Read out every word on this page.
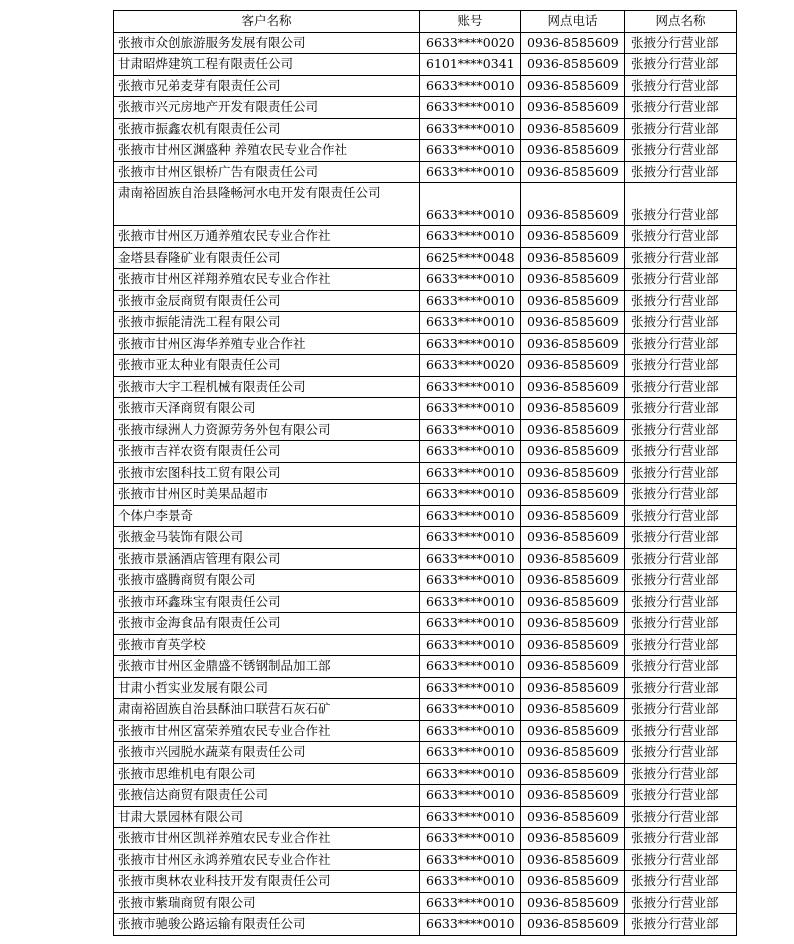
客户名称	账号	网点电话	网点名称
张掖市众创旅游服务发展有限公司	6633****0020	0936-8585609	张掖分行营业部
甘肃昭烨建筑工程有限责任公司	6101****0341	0936-8585609	张掖分行营业部
张掖市兄弟麦芽有限责任公司	6633****0010	0936-8585609	张掖分行营业部
张掖市兴元房地产开发有限责任公司	6633****0010	0936-8585609	张掖分行营业部
张掖市振鑫农机有限责任公司	6633****0010	0936-8585609	张掖分行营业部
张掖市甘州区渊盛种 养殖农民专业合作社	6633****0010	0936-8585609	张掖分行营业部
张掖市甘州区银桥广告有限责任公司	6633****0010	0936-8585609	张掖分行营业部
肃南裕固族自治县隆畅河水电开发有限责任公司	6633****0010	0936-8585609	张掖分行营业部
张掖市甘州区万通养殖农民专业合作社	6633****0010	0936-8585609	张掖分行营业部
金塔县春隆矿业有限责任公司	6625****0048	0936-8585609	张掖分行营业部
张掖市甘州区祥翔养殖农民专业合作社	6633****0010	0936-8585609	张掖分行营业部
张掖市金辰商贸有限责任公司	6633****0010	0936-8585609	张掖分行营业部
张掖市振能清洗工程有限公司	6633****0010	0936-8585609	张掖分行营业部
张掖市甘州区海华养殖专业合作社	6633****0010	0936-8585609	张掖分行营业部
张掖市亚太种业有限责任公司	6633****0020	0936-8585609	张掖分行营业部
张掖市大宇工程机械有限责任公司	6633****0010	0936-8585609	张掖分行营业部
张掖市天泽商贸有限公司	6633****0010	0936-8585609	张掖分行营业部
张掖市绿洲人力资源劳务外包有限公司	6633****0010	0936-8585609	张掖分行营业部
张掖市吉祥农资有限责任公司	6633****0010	0936-8585609	张掖分行营业部
张掖市宏图科技工贸有限公司	6633****0010	0936-8585609	张掖分行营业部
张掖市甘州区时美果品超市	6633****0010	0936-8585609	张掖分行营业部
个体户李景奇	6633****0010	0936-8585609	张掖分行营业部
张掖金马装饰有限公司	6633****0010	0936-8585609	张掖分行营业部
张掖市景涵酒店管理有限公司	6633****0010	0936-8585609	张掖分行营业部
张掖市盛腾商贸有限公司	6633****0010	0936-8585609	张掖分行营业部
张掖市环鑫珠宝有限责任公司	6633****0010	0936-8585609	张掖分行营业部
张掖市金海食品有限责任公司	6633****0010	0936-8585609	张掖分行营业部
张掖市育英学校	6633****0010	0936-8585609	张掖分行营业部
张掖市甘州区金鼎盛不锈钢制品加工部	6633****0010	0936-8585609	张掖分行营业部
甘肃小哲实业发展有限公司	6633****0010	0936-8585609	张掖分行营业部
肃南裕固族自治县酥油口联营石灰石矿	6633****0010	0936-8585609	张掖分行营业部
张掖市甘州区富荣养殖农民专业合作社	6633****0010	0936-8585609	张掖分行营业部
张掖市兴园脱水蔬菜有限责任公司	6633****0010	0936-8585609	张掖分行营业部
张掖市思维机电有限公司	6633****0010	0936-8585609	张掖分行营业部
张掖信达商贸有限责任公司	6633****0010	0936-8585609	张掖分行营业部
甘肃大景园林有限公司	6633****0010	0936-8585609	张掖分行营业部
张掖市甘州区凯祥养殖农民专业合作社	6633****0010	0936-8585609	张掖分行营业部
张掖市甘州区永鸿养殖农民专业合作社	6633****0010	0936-8585609	张掖分行营业部
张掖市奥林农业科技开发有限责任公司	6633****0010	0936-8585609	张掖分行营业部
张掖市紫瑞商贸有限公司	6633****0010	0936-8585609	张掖分行营业部
张掖市驰骏公路运输有限责任公司	6633****0010	0936-8585609	张掖分行营业部
